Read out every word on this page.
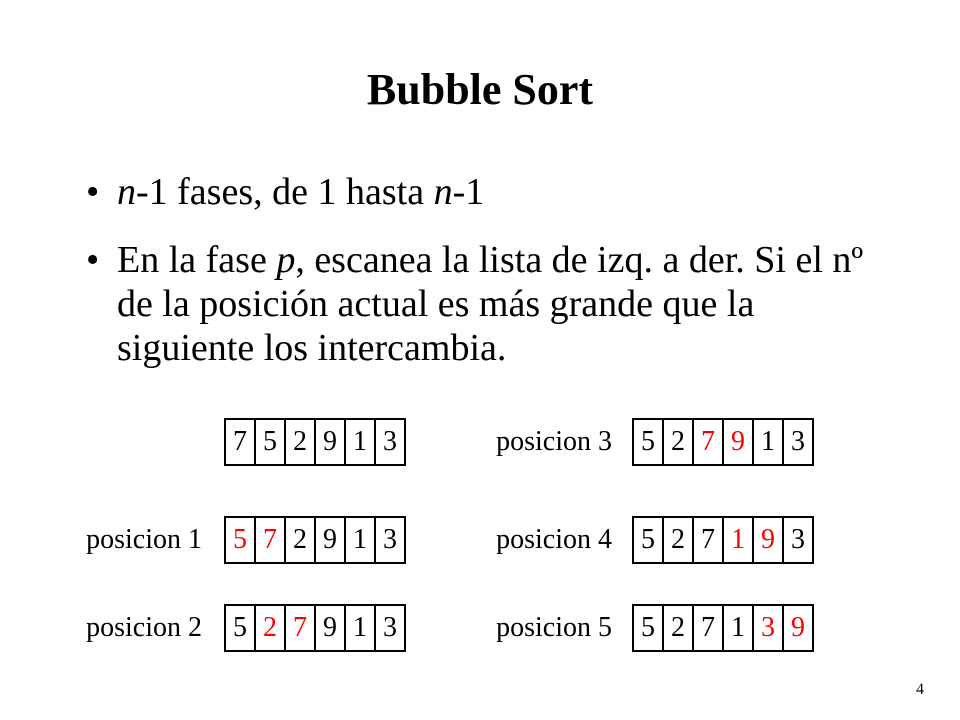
Bubble Sort
• n-1 fases, de 1 hasta n-1
• En la fase p, escanea la lista de izq. a der. Si el nº de la posición actual es más grande que la siguiente los intercambia.
7 5 2 9 1 3
posicion 1 5 7 2 9 1 3
posicion 2 5 2 7 9 1 3
posicion 3 5 2 7 9 1 3
posicion 4 5 2 7 1 9 3
posicion 5 5 2 7 1 3 9
4
